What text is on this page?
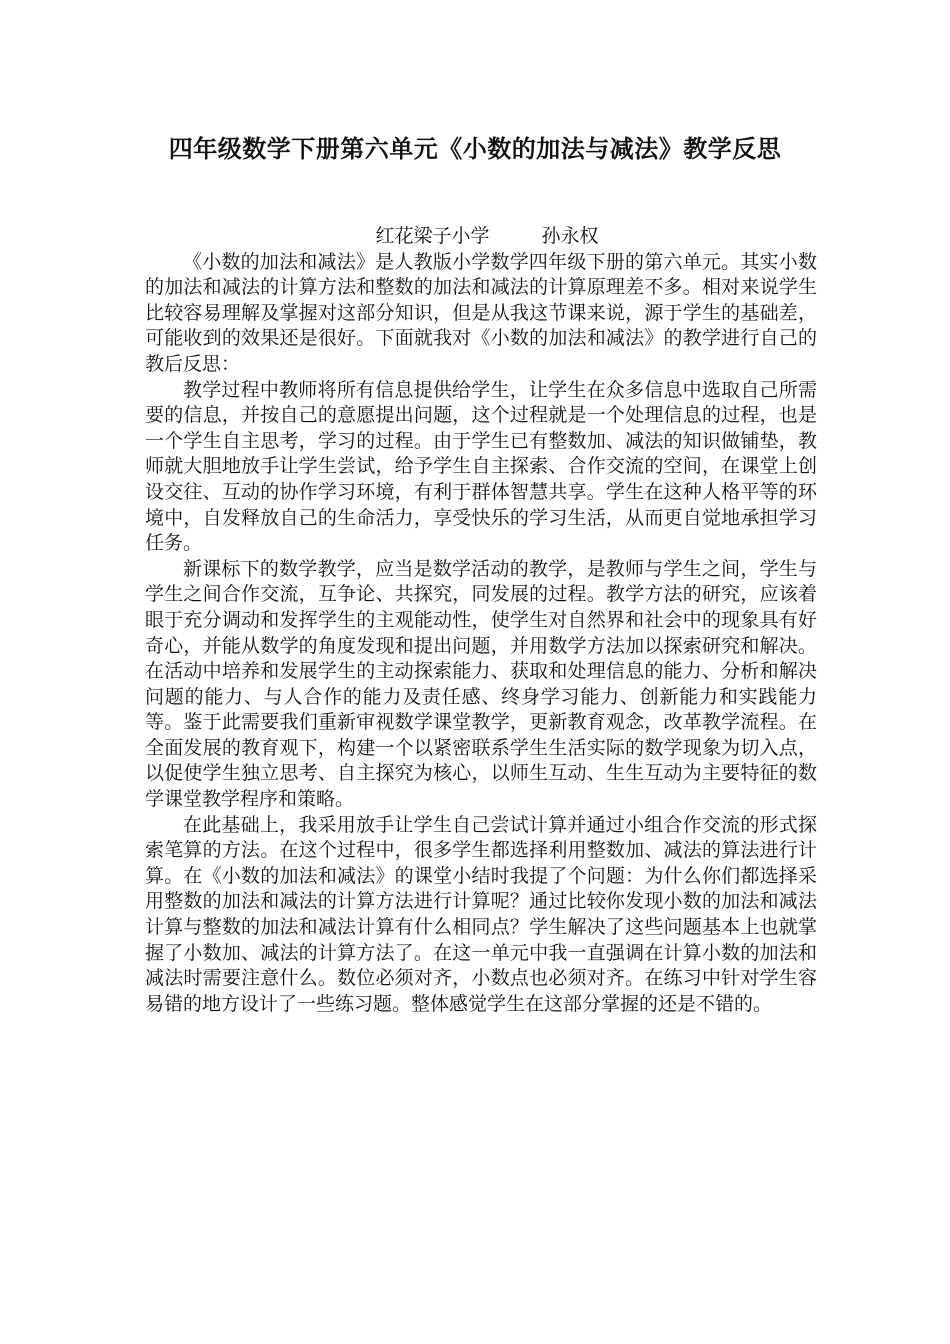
四年级数学下册第六单元《小数的加法与减法》教学反思

红花梁子小学	孙永权

《小数的加法和减法》是人教版小学数学四年级下册的第六单元。其实小数的加法和减法的计算方法和整数的加法和减法的计算原理差不多。相对来说学生比较容易理解及掌握对这部分知识，但是从我这节课来说，源于学生的基础差，可能收到的效果还是很好。下面就我对《小数的加法和减法》的教学进行自己的教后反思：

教学过程中教师将所有信息提供给学生，让学生在众多信息中选取自己所需要的信息，并按自己的意愿提出问题，这个过程就是一个处理信息的过程，也是一个学生自主思考，学习的过程。由于学生已有整数加、减法的知识做铺垫，教师就大胆地放手让学生尝试，给予学生自主探索、合作交流的空间，在课堂上创设交往、互动的协作学习环境，有利于群体智慧共享。学生在这种人格平等的环境中，自发释放自己的生命活力，享受快乐的学习生活，从而更自觉地承担学习任务。

新课标下的数学教学，应当是数学活动的教学，是教师与学生之间，学生与学生之间合作交流，互争论、共探究，同发展的过程。教学方法的研究，应该着眼于充分调动和发挥学生的主观能动性，使学生对自然界和社会中的现象具有好奇心，并能从数学的角度发现和提出问题，并用数学方法加以探索研究和解决。在活动中培养和发展学生的主动探索能力、获取和处理信息的能力、分析和解决问题的能力、与人合作的能力及责任感、终身学习能力、创新能力和实践能力等。鉴于此需要我们重新审视数学课堂教学，更新教育观念，改革教学流程。在全面发展的教育观下，构建一个以紧密联系学生生活实际的数学现象为切入点，以促使学生独立思考、自主探究为核心，以师生互动、生生互动为主要特征的数学课堂教学程序和策略。

在此基础上，我采用放手让学生自己尝试计算并通过小组合作交流的形式探索笔算的方法。在这个过程中，很多学生都选择利用整数加、减法的算法进行计算。在《小数的加法和减法》的课堂小结时我提了个问题：为什么你们都选择采用整数的加法和减法的计算方法进行计算呢？通过比较你发现小数的加法和减法计算与整数的加法和减法计算有什么相同点？学生解决了这些问题基本上也就掌握了小数加、减法的计算方法了。在这一单元中我一直强调在计算小数的加法和减法时需要注意什么。数位必须对齐，小数点也必须对齐。在练习中针对学生容易错的地方设计了一些练习题。整体感觉学生在这部分掌握的还是不错的。
